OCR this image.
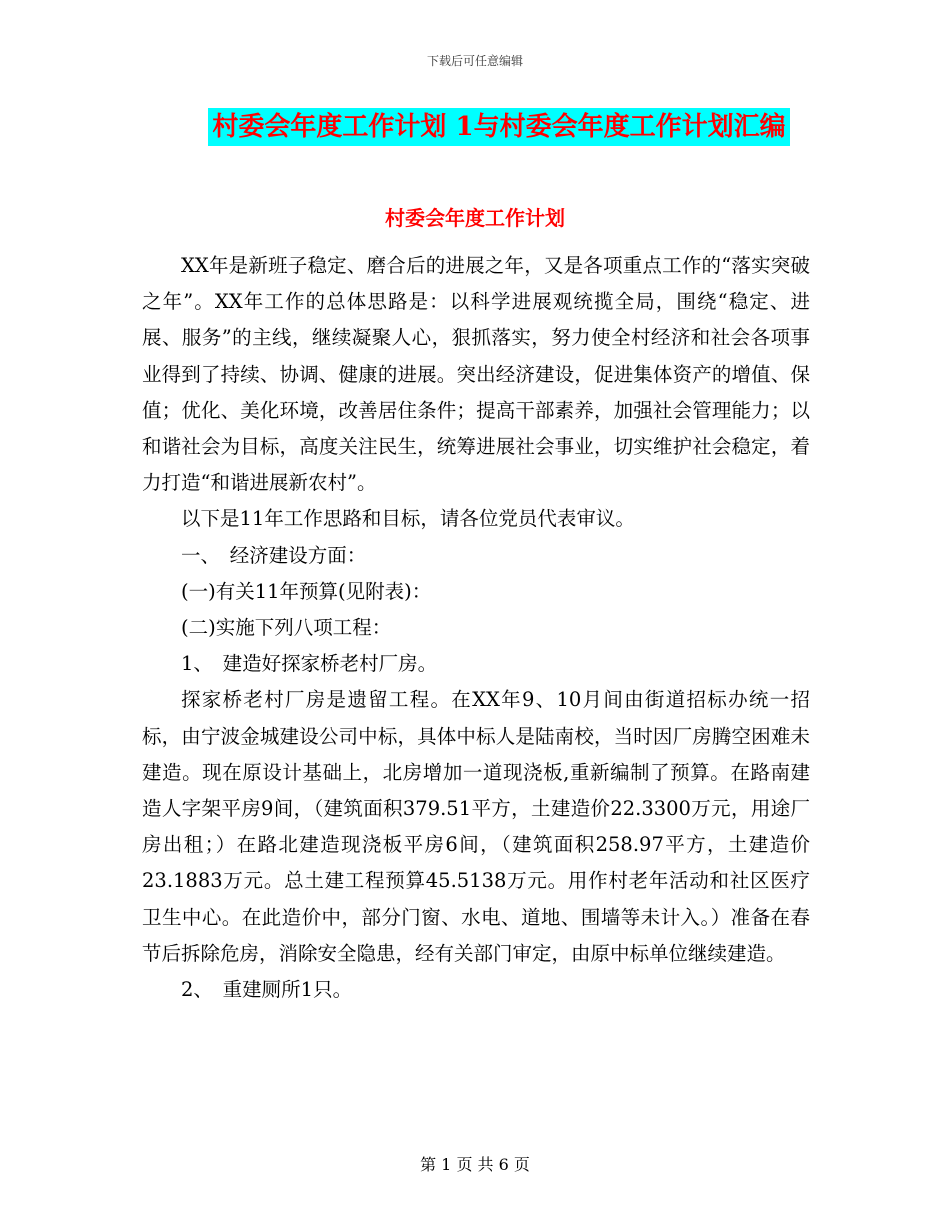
下载后可任意编辑
村委会年度工作计划 1与村委会年度工作计划汇编
村委会年度工作计划

XX年是新班子稳定、磨合后的进展之年，又是各项重点工作的“落实突破之年”。XX年工作的总体思路是：以科学进展观统揽全局，围绕“稳定、进展、服务”的主线，继续凝聚人心，狠抓落实，努力使全村经济和社会各项事业得到了持续、协调、健康的进展。突出经济建设，促进集体资产的增值、保值；优化、美化环境，改善居住条件；提高干部素养，加强社会管理能力；以和谐社会为目标，高度关注民生，统筹进展社会事业，切实维护社会稳定，着力打造“和谐进展新农村”。

以下是11年工作思路和目标，请各位党员代表审议。

一、　经济建设方面：

(一)有关11年预算(见附表)：

(二)实施下列八项工程：

1、　建造好探家桥老村厂房。

探家桥老村厂房是遗留工程。在XX年9、10月间由街道招标办统一招标，由宁波金城建设公司中标，具体中标人是陆南校，当时因厂房腾空困难未建造。现在原设计基础上，北房增加一道现浇板,重新编制了预算。在路南建造人字架平房9间，（建筑面积379.51平方，土建造价22.3300万元，用途厂房出租；）在路北建造现浇板平房6间，（建筑面积258.97平方，土建造价23.1883万元。总土建工程预算45.5138万元。用作村老年活动和社区医疗卫生中心。在此造价中，部分门窗、水电、道地、围墙等未计入。）准备在春节后拆除危房，消除安全隐患，经有关部门审定，由原中标单位继续建造。

2、　重建厕所1只。

第 1 页 共 6 页
